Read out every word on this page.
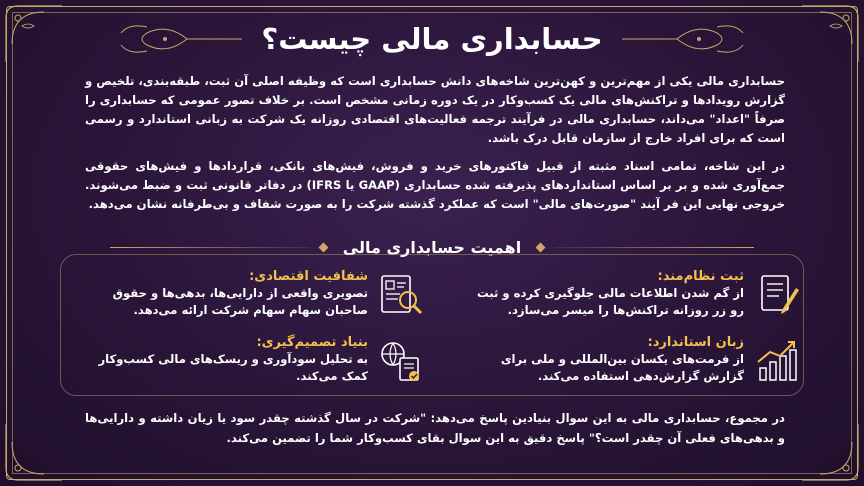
حسابداری مالی چیست؟

حسابداری مالی یکی از مهم‌ترین و کهن‌ترین شاخه‌های دانش حسابداری است که وظیفه اصلی آن ثبت، طبقه‌بندی، تلخیص و گزارش رویدادها و تراکنش‌های مالی یک کسب‌وکار در یک دوره زمانی مشخص است. بر خلاف تصور عمومی که حسابداری را صرفاً "اعداد" می‌داند، حسابداری مالی در فرآیند ترجمه فعالیت‌های اقتصادی روزانه یک شرکت به زبانی استاندارد و رسمی است که برای افراد خارج از سازمان قابل درک باشد.

در این شاخه، تمامی اسناد مثبته از قبیل فاکتورهای خرید و فروش، فیش‌های بانکی، قراردادها و فیش‌های حقوقی جمع‌آوری شده و بر بر اساس استانداردهای پذیرفته شده حسابداری (GAAP یا IFRS) در دفاتر قانونی ثبت و ضبط می‌شوند. خروجی نهایی این فر آیند "صورت‌های مالی" است که عملکرد گذشته شرکت را به صورت شفاف و بی‌طرفانه نشان می‌دهد.

اهمیت حسابداری مالی
ثبت نظام‌مند:
از گم شدن اطلاعات مالی جلوگیری کرده و ثبت رو زر روزانه تراکنش‌ها را میسر می‌سازد.
زبان استاندارد:
از فرمت‌های یکسان بین‌المللی و ملی برای گزارش گزارش‌دهی استفاده می‌کند.
شفافیت اقتصادی:
تصویری واقعی از دارایی‌ها، بدهی‌ها و حقوق صاحبان سهام سهام شرکت ارائه می‌دهد.
بنیاد تصمیم‌گیری:
به تحلیل سودآوری و ریسک‌های مالی کسب‌وکار کمک می‌کند.

در مجموع، حسابداری مالی به این سوال بنیادین پاسخ می‌دهد: "شرکت در سال گذشته چقدر سود یا زیان داشته و دارایی‌ها و بدهی‌های فعلی آن چقدر است؟" پاسخ دقیق به این سوال بقای کسب‌وکار شما را تضمین می‌کند.
